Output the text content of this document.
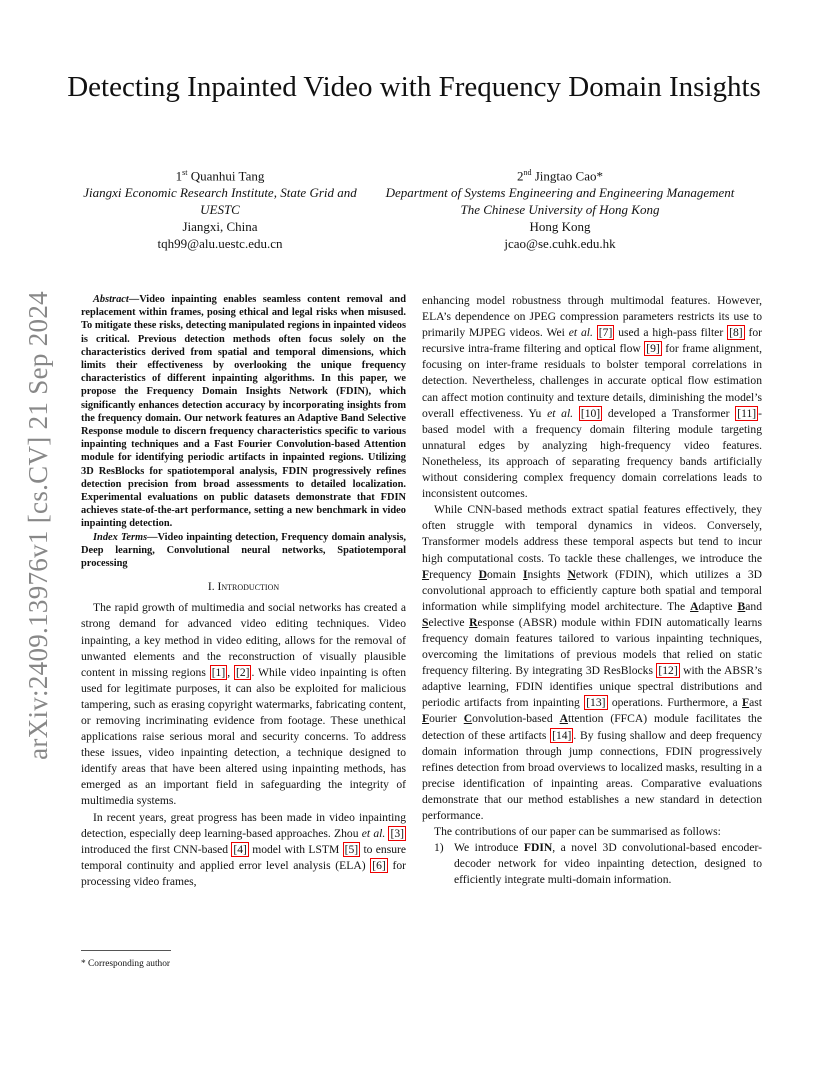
Detecting Inpainted Video with Frequency Domain Insights
1st Quanhui Tang
Jiangxi Economic Research Institute, State Grid and UESTC
Jiangxi, China
tqh99@alu.uestc.edu.cn
2nd Jingtao Cao*
Department of Systems Engineering and Engineering Management
The Chinese University of Hong Kong
Hong Kong
jcao@se.cuhk.edu.hk
arXiv:2409.13976v1 [cs.CV] 21 Sep 2024	Abstract—Video inpainting enables seamless content removal and replacement within frames, posing ethical and legal risks when misused. To mitigate these risks, detecting manipulated regions in inpainted videos is critical. Previous detection methods often focus solely on the characteristics derived from spatial and temporal dimensions, which limits their effectiveness by overlooking the unique frequency characteristics of different inpainting algorithms. In this paper, we propose the Frequency Domain Insights Network (FDIN), which significantly enhances detection accuracy by incorporating insights from the frequency domain. Our network features an Adaptive Band Selective Response module to discern frequency characteristics specific to various inpainting techniques and a Fast Fourier Convolution-based Attention module for identifying periodic artifacts in inpainted regions. Utilizing 3D ResBlocks for spatiotemporal analysis, FDIN progressively refines detection precision from broad assessments to detailed localization. Experimental evaluations on public datasets demonstrate that FDIN achieves state-of-the-art performance, setting a new benchmark in video inpainting detection.

Index Terms—Video inpainting detection, Frequency domain analysis, Deep learning, Convolutional neural networks, Spatiotemporal processing

I. Introduction

The rapid growth of multimedia and social networks has created a strong demand for advanced video editing techniques. Video inpainting, a key method in video editing, allows for the removal of unwanted elements and the reconstruction of visually plausible content in missing regions [1] , [2] . While video inpainting is often used for legitimate purposes, it can also be exploited for malicious tampering, such as erasing copyright watermarks, fabricating content, or removing incriminating evidence from footage. These unethical applications raise serious moral and security concerns. To address these issues, video inpainting detection, a technique designed to identify areas that have been altered using inpainting methods, has emerged as an important field in safeguarding the integrity of multimedia systems.

In recent years, great progress has been made in video inpainting detection, especially deep learning-based approaches. Zhou et al. [3] introduced the first CNN-based [4] model with LSTM [5] to ensure temporal continuity and applied error level analysis (ELA) [6] for processing video frames,

enhancing model robustness through multimodal features. However, ELA’s dependence on JPEG compression parameters restricts its use to primarily MJPEG videos. Wei et al. [7] used a high-pass filter [8] for recursive intra-frame filtering and optical flow [9] for frame alignment, focusing on inter-frame residuals to bolster temporal correlations in detection. Nevertheless, challenges in accurate optical flow estimation can affect motion continuity and texture details, diminishing the model’s overall effectiveness. Yu et al. [10] developed a Transformer [11] -based model with a frequency domain filtering module targeting unnatural edges by analyzing high-frequency video features. Nonetheless, its approach of separating frequency bands artificially without considering complex frequency domain correlations leads to inconsistent outcomes.

While CNN-based methods extract spatial features effectively, they often struggle with temporal dynamics in videos. Conversely, Transformer models address these temporal aspects but tend to incur high computational costs. To tackle these challenges, we introduce the Frequency Domain Insights Network (FDIN), which utilizes a 3D convolutional approach to efficiently capture both spatial and temporal information while simplifying model architecture. The Adaptive Band Selective Response (ABSR) module within FDIN automatically learns frequency domain features tailored to various inpainting techniques, overcoming the limitations of previous models that relied on static frequency filtering. By integrating 3D ResBlocks [12] with the ABSR’s adaptive learning, FDIN identifies unique spectral distributions and periodic artifacts from inpainting [13] operations. Furthermore, a Fast Fourier Convolution-based Attention (FFCA) module facilitates the detection of these artifacts [14] . By fusing shallow and deep frequency domain information through jump connections, FDIN progressively refines detection from broad overviews to localized masks, resulting in a precise identification of inpainting areas. Comparative evaluations demonstrate that our method establishes a new standard in detection performance.

The contributions of our paper can be summarised as follows:

1) We introduce FDIN, a novel 3D convolutional-based encoder-decoder network for video inpainting detection, designed to efficiently integrate multi-domain information.
* Corresponding author
